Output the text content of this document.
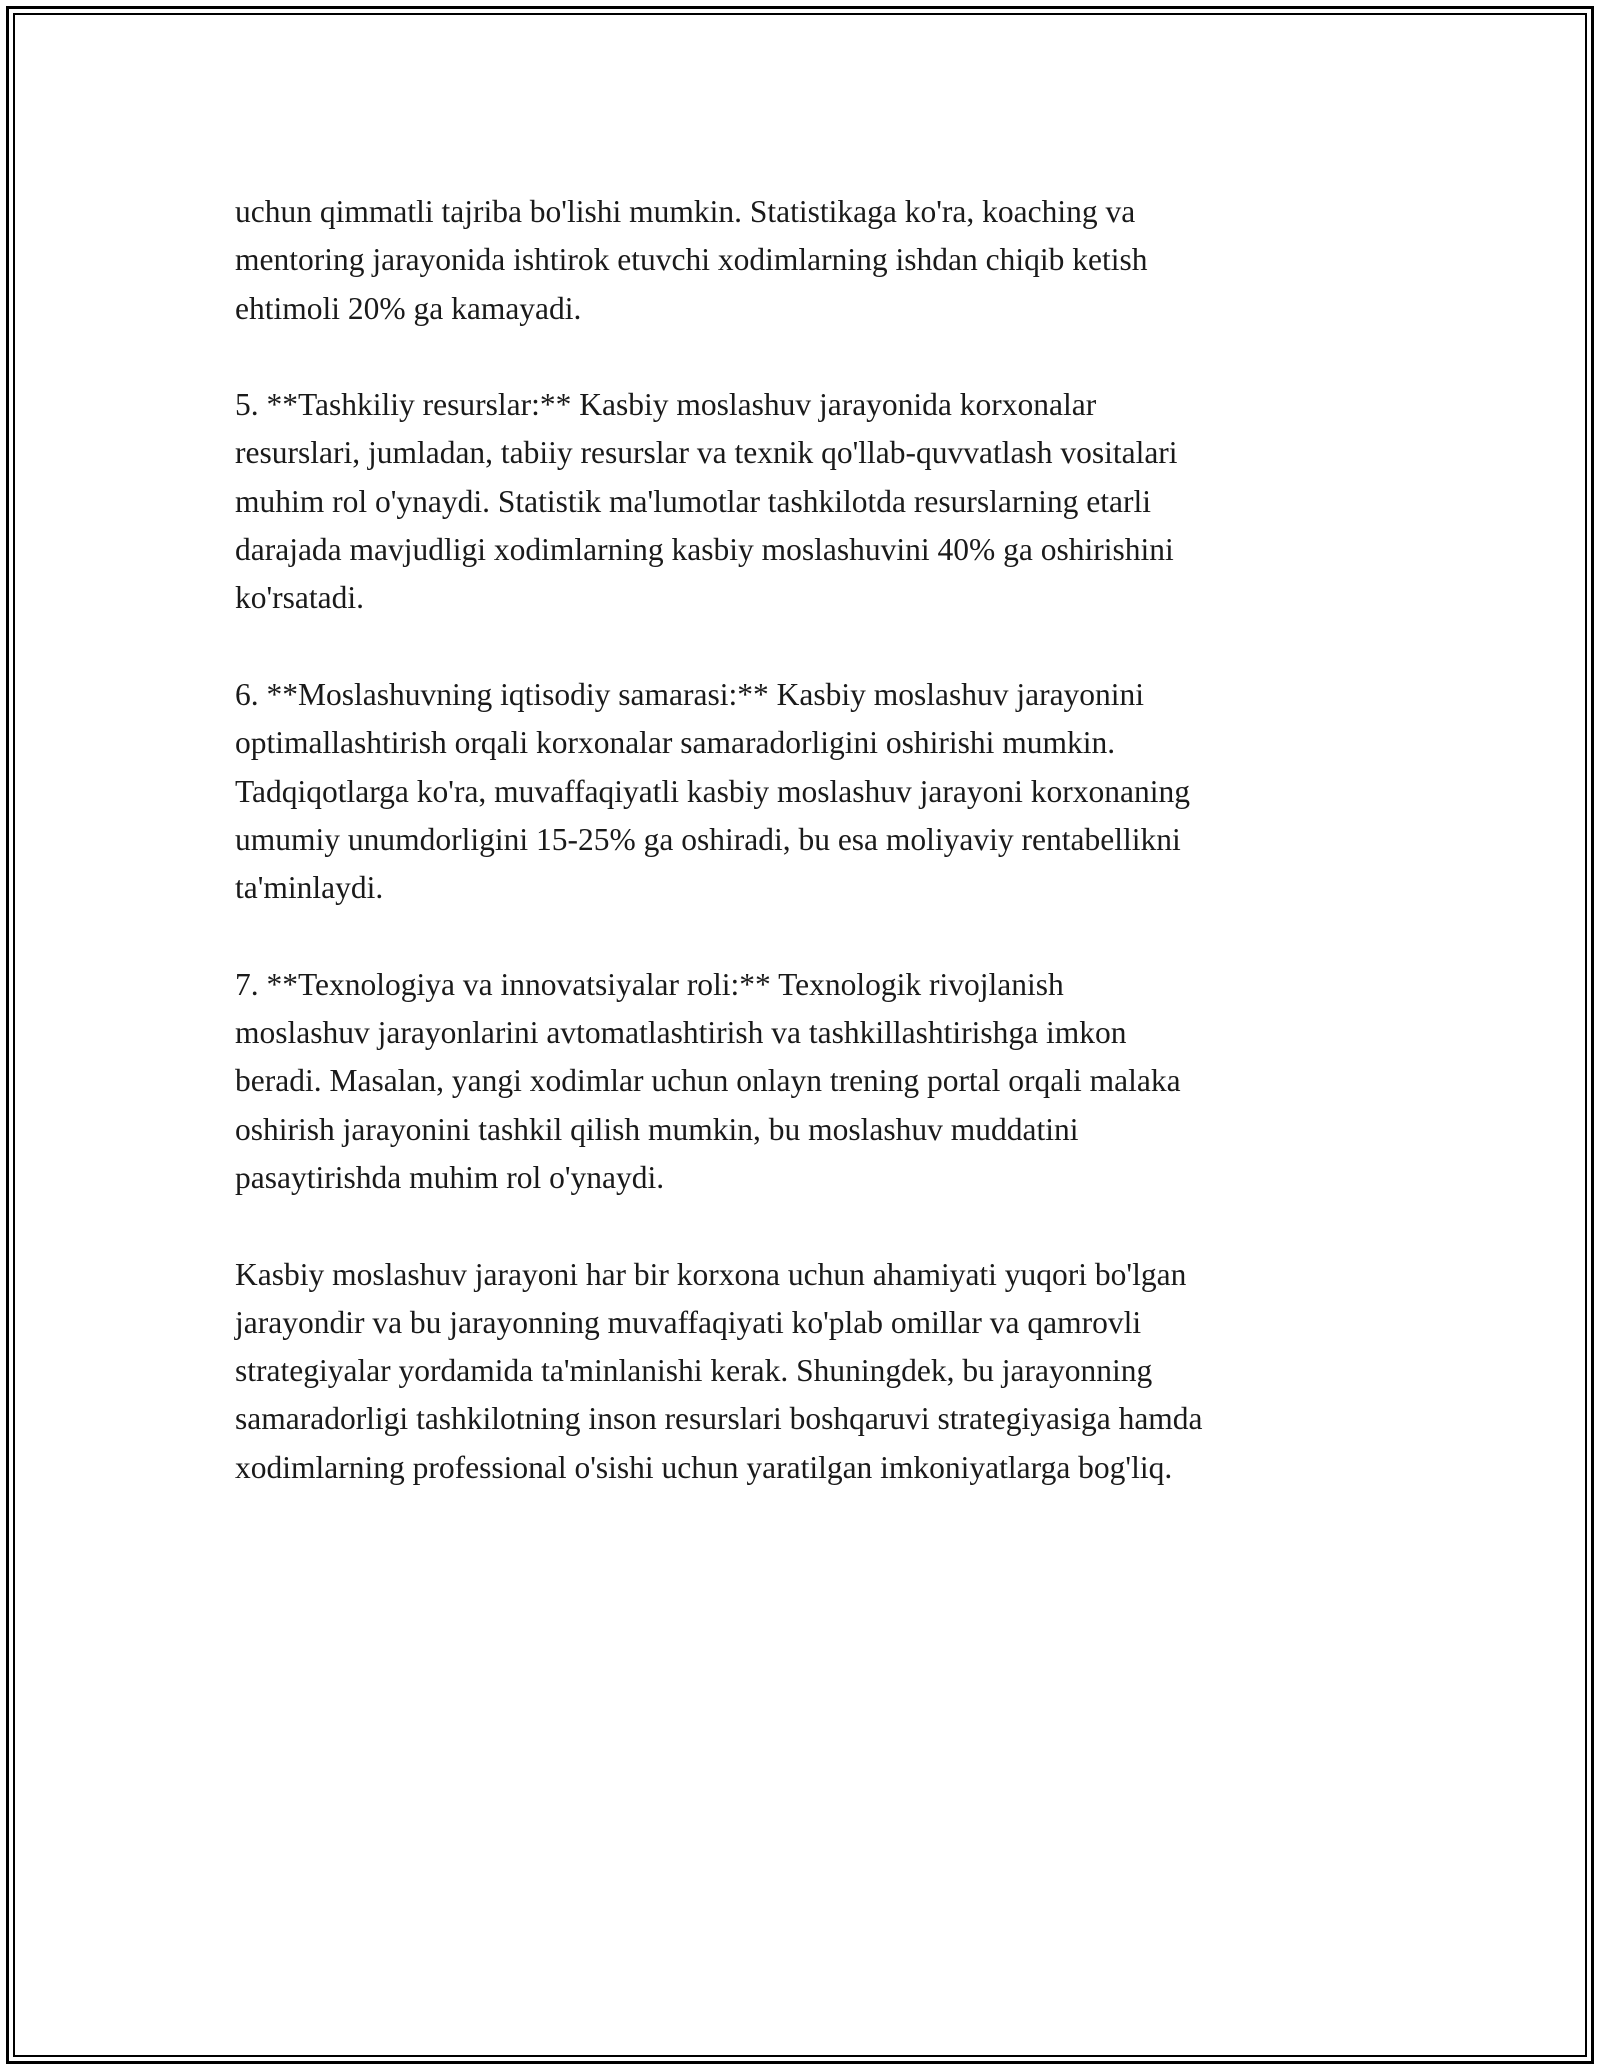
uchun qimmatli tajriba bo'lishi mumkin. Statistikaga ko'ra, koaching va
mentoring jarayonida ishtirok etuvchi xodimlarning ishdan chiqib ketish
ehtimoli 20% ga kamayadi.

5. **Tashkiliy resurslar:** Kasbiy moslashuv jarayonida korxonalar
resurslari, jumladan, tabiiy resurslar va texnik qo'llab-quvvatlash vositalari
muhim rol o'ynaydi. Statistik ma'lumotlar tashkilotda resurslarning etarli
darajada mavjudligi xodimlarning kasbiy moslashuvini 40% ga oshirishini
ko'rsatadi.

6. **Moslashuvning iqtisodiy samarasi:** Kasbiy moslashuv jarayonini
optimallashtirish orqali korxonalar samaradorligini oshirishi mumkin.
Tadqiqotlarga ko'ra, muvaffaqiyatli kasbiy moslashuv jarayoni korxonaning
umumiy unumdorligini 15-25% ga oshiradi, bu esa moliyaviy rentabellikni
ta'minlaydi.

7. **Texnologiya va innovatsiyalar roli:** Texnologik rivojlanish
moslashuv jarayonlarini avtomatlashtirish va tashkillashtirishga imkon
beradi. Masalan, yangi xodimlar uchun onlayn trening portal orqali malaka
oshirish jarayonini tashkil qilish mumkin, bu moslashuv muddatini
pasaytirishda muhim rol o'ynaydi.

Kasbiy moslashuv jarayoni har bir korxona uchun ahamiyati yuqori bo'lgan
jarayondir va bu jarayonning muvaffaqiyati ko'plab omillar va qamrovli
strategiyalar yordamida ta'minlanishi kerak. Shuningdek, bu jarayonning
samaradorligi tashkilotning inson resurslari boshqaruvi strategiyasiga hamda
xodimlarning professional o'sishi uchun yaratilgan imkoniyatlarga bog'liq.
